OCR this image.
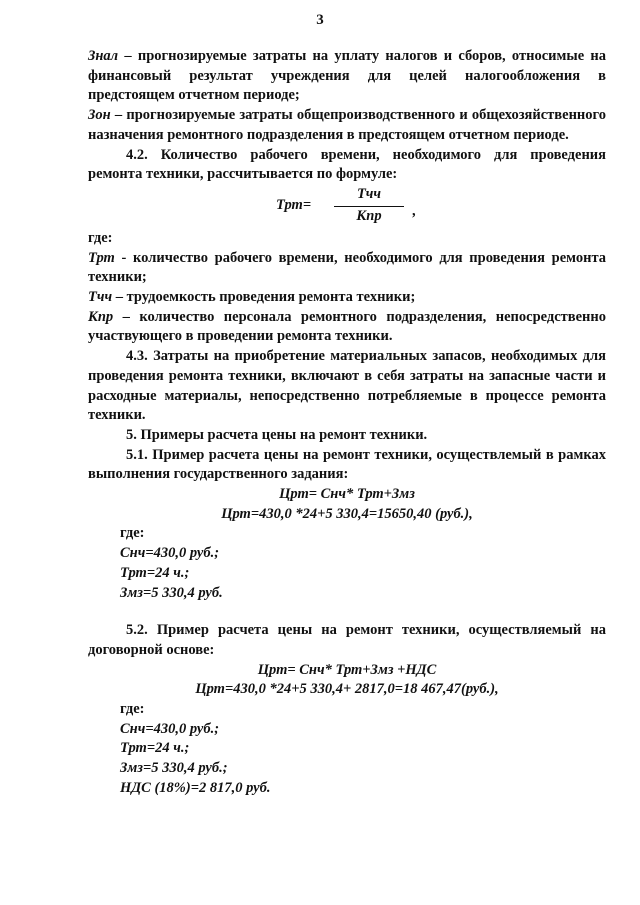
3

Знал – прогнозируемые затраты на уплату налогов и сборов, относимые на финансовый результат учреждения для целей налогообложения в предстоящем отчетном периоде;

Зон – прогнозируемые затраты общепроизводственного и общехозяйственного назначения ремонтного подразделения в предстоящем отчетном периоде.

4.2. Количество рабочего времени, необходимого для проведения ремонта техники, рассчитывается по формуле:

Трт=
Тчч
Кпр	,

где:

Трт - количество рабочего времени, необходимого для проведения ремонта техники;

Тчч – трудоемкость проведения ремонта техники;

Кпр – количество персонала ремонтного подразделения, непосредственно участвующего в проведении ремонта техники.

4.3. Затраты на приобретение материальных запасов, необходимых для проведения ремонта техники, включают в себя затраты на запасные части и расходные материалы, непосредственно потребляемые в процессе ремонта техники.

5. Примеры расчета цены на ремонт техники.

5.1. Пример расчета цены на ремонт техники, осуществлемый в рамках выполнения государственного задания:

Црт= Снч* Трт+Змз
Црт=430,0 *24+5 330,4=15650,40 (руб.),
где:
Снч=430,0 руб.;
Трт=24 ч.;
Змз=5 330,4 руб.

5.2. Пример расчета цены на ремонт техники, осуществляемый на договорной основе:

Црт= Снч* Трт+Змз +НДС
Црт=430,0 *24+5 330,4+ 2817,0=18 467,47(руб.),
где:
Снч=430,0 руб.;
Трт=24 ч.;
Змз=5 330,4 руб.;
НДС (18%)=2 817,0 руб.
